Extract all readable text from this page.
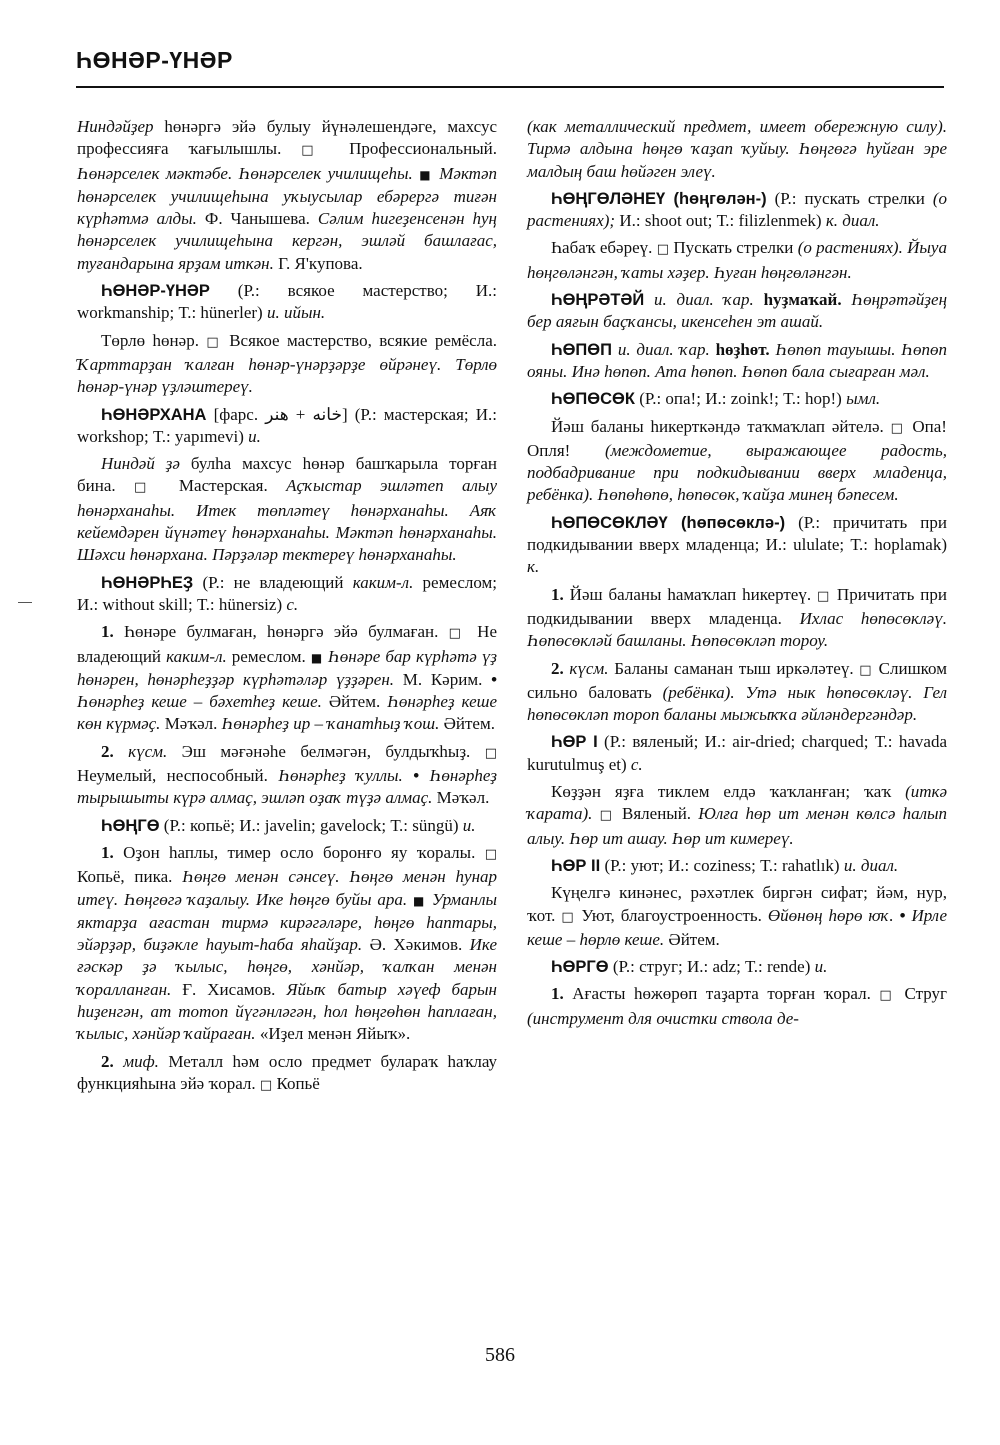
ҺӨНӘР-ҮНӘР

Ниндәйҙер һөнәргә эйә булыу йүнәлешендәге, махсус профессияға ҡағылышлы. □ Профессиональный. Һөнәрселек мәктәбе. Һөнәрселек училищеһы. ■ Мәктәп һөнәрселек училищеһына уҡыусылар ебәрергә тиғән күрһәтмә алды. Ф. Чанышева. Сәлим һигеҙенсенән һуң һөнәрселек училищеһына кергән, эшләй башлағас, туғандарына ярҙам иткән. Г. Я'купова.

ҺӨНӘР-ҮНӘР (Р.: всякое мастерство; И.: workmanship; Т.: hünerler) и. ийын.

Төрлө һөнәр. □ Всякое мастерство, всякие ремёсла. Ҡарттарҙан ҡалған һөнәр-үнәрҙәрҙе өйрәнеү. Төрлө һөнәр-үнәр үҙләштереү.

ҺӨНӘРХАНА [фарс. خانه + هنر] (Р.: мастерская; И.: workshop; Т.: yapımevi) и.

Ниндәй ҙә булһа махсус һөнәр башҡарыла торған бина. □ Мастерская. Аҫҡыстар эшләтеп алыу һөнәрханаһы. Итек төпләтеү һөнәрханаһы. Аяҡ кейемдәрен йүнәтеү һөнәрханаһы. Мәктәп һөнәрханаһы. Шәхси һөнәрхана. Пәрҙәләр тектереү һөнәрханаһы.

ҺӨНӘРҺЕҘ (Р.: не владеющий каким-л. ремеслом; И.: without skill; Т.: hünersiz) с.

1. Һөнәре булмаған, һөнәргә эйә булмаған. □ Не владеющий каким-л. ремеслом. ■ Һөнәре бар күрһәтә үҙ һөнәрен, һөнәрһеҙҙәр күрһәтәләр үҙҙәрен. М. Кәрим. • Һөнәрһеҙ кеше – бәхетһеҙ кеше. Әйтем. Һөнәрһеҙ кеше көн күрмәҫ. Мәҡәл. Һөнәрһеҙ ир – ҡанатһыҙ ҡош. Әйтем.

2. күсм. Эш мәғәнәһе белмәгән, булдыҡһыҙ. □ Неумелый, неспособный. Һөнәрһеҙ ҡуллы. • Һөнәрһеҙ тырышыты күрә алмаҫ, эшләп оҙаҡ түҙә алмаҫ. Мәҡәл.

ҺӨҢГӨ (Р.: копьё; И.: javelin; gavelock; Т.: süngü) и.

1. Оҙон һаплы, тимер осло боронғо яу ҡоралы. □ Копьё, пика. Һөңгө менән сәнсеү. Һөңгө менән һунар итеү. Һөңгөгә ҡаҙалыу. Ике һөңгө буйы ара. ■ Урманлы яктарҙа ағастан тирмә кирәгәләре, һөңгө һаптары, эйәрҙәр, биҙәкле һауыт-һаба яһайҙар. Ә. Хәкимов. Ике ғәскәр ҙә ҡылыс, һөңгө, хәнйәр, ҡалҡан менән ҡоралланған. Ғ. Хисамов. Яйыҡ батыр хәүеф барын һиҙенгән, ат тотоп йүгәнләгән, һол һөңгөһөн һаплаған, ҡылыс, хәнйәр ҡайраған. «Иҙел менән Яйыҡ».

2. миф. Металл һәм осло предмет булараҡ һаҡлау функцияһына эйә ҡорал. □ Копьё

(как металлический предмет, имеет обережную силу). Тирмә алдына һөңгө ҡаҙап ҡуйыу. Һөңгөгә һуйған эре малдың баш һөйәген элеү.

ҺӨҢГӨЛӘНЕҮ (һөңгөлән-) (Р.: пускать стрелки (о растениях); И.: shoot out; Т.: filizlenmek) к. диал.

Һабаҡ ебәреү. □ Пускать стрелки (о растениях). Йыуа һөңгөләнгән, ҡаты хәҙер. Һуған һөңгөләнгән.

ҺӨҢРӘТӘЙ и. диал. ҡар. һуҙмаҡай. Һөңрәтәйҙең бер аяғын баҫҡансы, икенсеһен эт ашай.

ҺӨПӨП и. диал. ҡар. һөҙһөт. Һөпөп тауышы. Һөпөп ояны. Инә һөпөп. Ата һөпөп. Һөпөп бала сығарған мәл.

ҺӨПӨСӨК (Р.: опа!; И.: zoink!; Т.: hop!) ымл.

Йәш баланы һикерткәндә таҡмаҡлап әйтелә. □ Опа! Опля! (междометие, выражающее радость, подбадривание при подкидывании вверх младенца, ребёнка). Һөпөһөпө, һөпөсөк, ҡайҙа минең бәпесем.

ҺӨПӨСӨКЛӘҮ (һөпөсөклә-) (Р.: причитать при подкидывании вверх младенца; И.: ululate; Т.: hoplamak) к.

1. Йәш баланы һамаҡлап һикертеү. □ Причитать при подкидывании вверх младенца. Ихлас һөпөсөкләү. Һөпөсөкләй башланы. Һөпөсөкләп тороу.

2. күсм. Баланы саманан тыш иркәләтеү. □ Слишком сильно баловать (ребёнка). Утә нык һөпөсөкләү. Гел һөпөсөкләп тороп баланы мыжыҡҡа әйләндергәндәр.

ҺӨР І (Р.: вяленый; И.: air-dried; charqued; Т.: havada kurutulmuş et) с.

Көҙҙән яҙға тиклем елдә ҡаҡланған; ҡаҡ (иткә ҡарата). □ Вяленый. Юлға һөр ит менән көлсә һалып алыу. Һөр ит ашау. Һөр ит кимереү.

ҺӨР ІІ (Р.: уют; И.: coziness; Т.: rahatlık) и. диал.

Күңелгә кинәнес, рәхәтлек биргән сифат; йәм, нур, ҡот. □ Уют, благоустроенность. Өйөнөң һөрө юҡ. • Ирле кеше – һөрлө кеше. Әйтем.

ҺӨРГӨ (Р.: струг; И.: adz; Т.: rende) и.

1. Ағасты һөжөрөп таҙарта торған ҡорал. □ Струг (инструмент для очистки ствола де-

586
